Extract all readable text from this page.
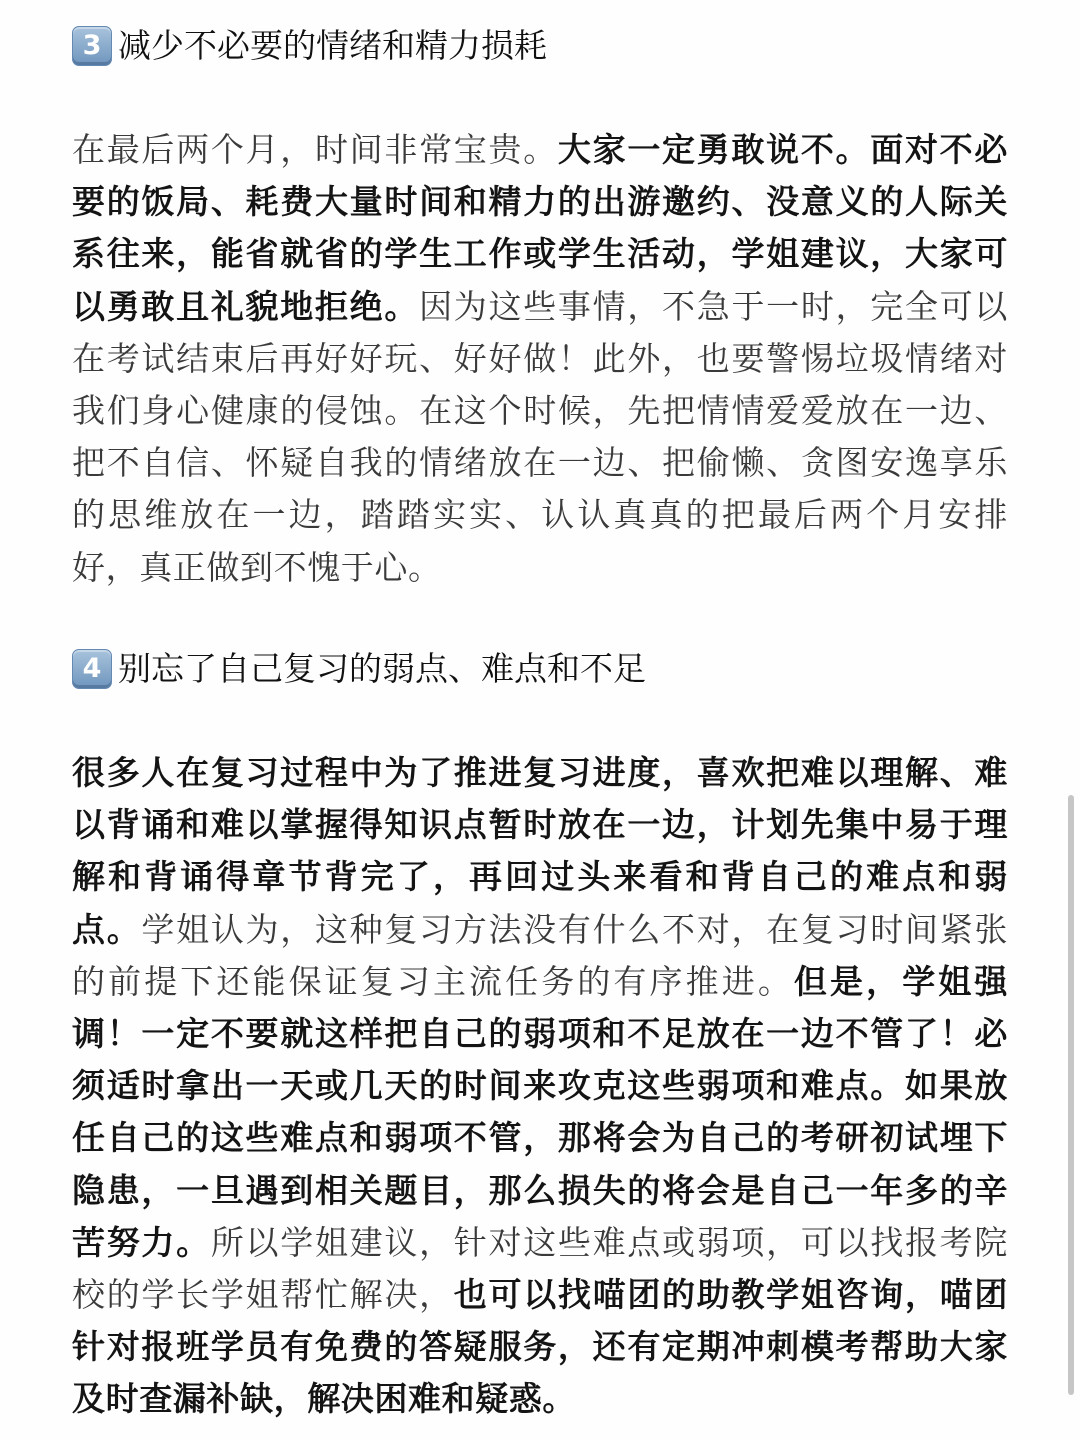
3 减少不必要的情绪和精力损耗
在最后两个月，时间非常宝贵。大家一定勇敢说不。面对不必要的饭局、耗费大量时间和精力的出游邀约、没意义的人际关系往来，能省就省的学生工作或学生活动，学姐建议，大家可以勇敢且礼貌地拒绝。因为这些事情，不急于一时，完全可以在考试结束后再好好玩、好好做！此外，也要警惕垃圾情绪对我们身心健康的侵蚀。在这个时候，先把情情爱爱放在一边、把不自信、怀疑自我的情绪放在一边、把偷懒、贪图安逸享乐的思维放在一边，踏踏实实、认认真真的把最后两个月安排好，真正做到不愧于心。
4 别忘了自己复习的弱点、难点和不足
很多人在复习过程中为了推进复习进度，喜欢把难以理解、难以背诵和难以掌握得知识点暂时放在一边，计划先集中易于理解和背诵得章节背完了，再回过头来看和背自己的难点和弱点。学姐认为，这种复习方法没有什么不对，在复习时间紧张的前提下还能保证复习主流任务的有序推进。但是，学姐强调！一定不要就这样把自己的弱项和不足放在一边不管了！必须适时拿出一天或几天的时间来攻克这些弱项和难点。如果放任自己的这些难点和弱项不管，那将会为自己的考研初试埋下隐患，一旦遇到相关题目，那么损失的将会是自己一年多的辛苦努力。所以学姐建议，针对这些难点或弱项，可以找报考院校的学长学姐帮忙解决，也可以找喵团的助教学姐咨询，喵团针对报班学员有免费的答疑服务，还有定期冲刺模考帮助大家及时查漏补缺，解决困难和疑惑。
